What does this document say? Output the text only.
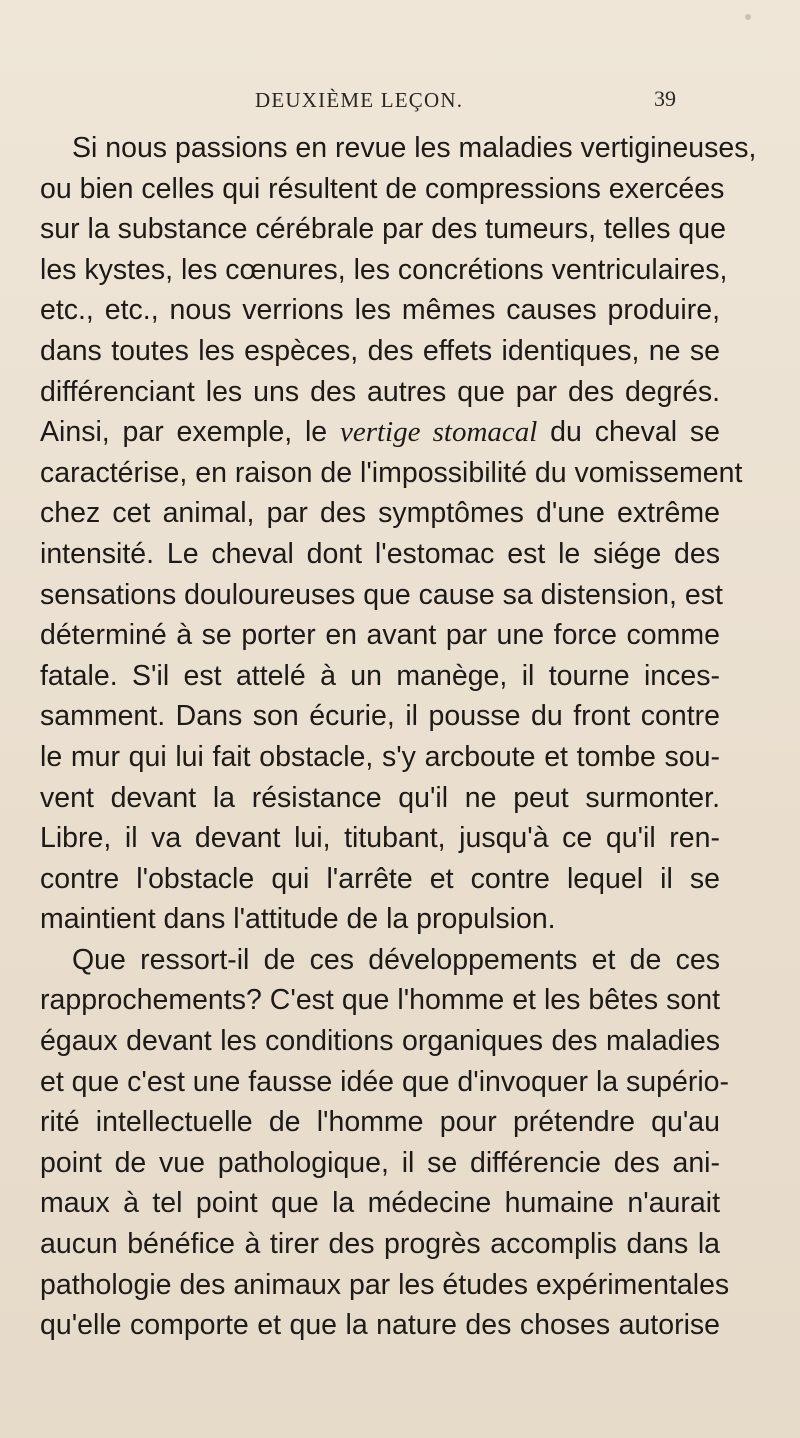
DEUXIÈME LEÇON.	39
Si nous passions en revue les maladies vertigineuses,
ou bien celles qui résultent de compressions exercées
sur la substance cérébrale par des tumeurs, telles que
les kystes, les cœnures, les concrétions ventriculaires,
etc., etc., nous verrions les mêmes causes produire,
dans toutes les espèces, des effets identiques, ne se
différenciant les uns des autres que par des degrés.
Ainsi, par exemple, le vertige stomacal du cheval se
caractérise, en raison de l'impossibilité du vomissement
chez cet animal, par des symptômes d'une extrême
intensité. Le cheval dont l'estomac est le siége des
sensations douloureuses que cause sa distension, est
déterminé à se porter en avant par une force comme
fatale. S'il est attelé à un manège, il tourne inces-
samment. Dans son écurie, il pousse du front contre
le mur qui lui fait obstacle, s'y arcboute et tombe sou-
vent devant la résistance qu'il ne peut surmonter.
Libre, il va devant lui, titubant, jusqu'à ce qu'il ren-
contre l'obstacle qui l'arrête et contre lequel il se
maintient dans l'attitude de la propulsion.
Que ressort-il de ces développements et de ces
rapprochements? C'est que l'homme et les bêtes sont
égaux devant les conditions organiques des maladies
et que c'est une fausse idée que d'invoquer la supério-
rité intellectuelle de l'homme pour prétendre qu'au
point de vue pathologique, il se différencie des ani-
maux à tel point que la médecine humaine n'aurait
aucun bénéfice à tirer des progrès accomplis dans la
pathologie des animaux par les études expérimentales
qu'elle comporte et que la nature des choses autorise
